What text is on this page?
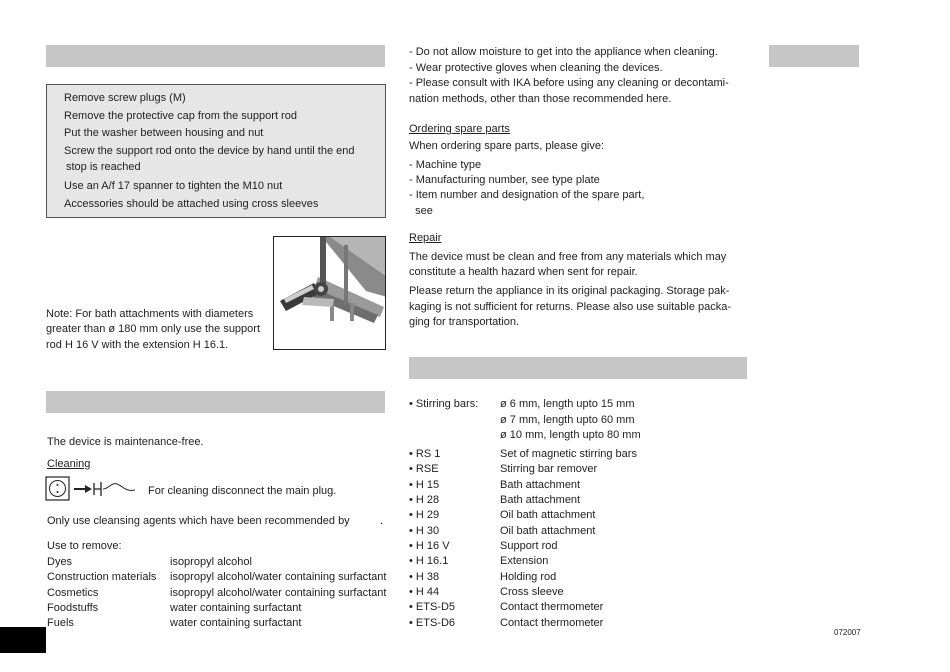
Remove screw plugs (M)
Remove the protective cap from the support rod
Put the washer between housing and nut
Screw the support rod onto the device by hand until the end
stop is reached
Use an A/f 17 spanner to tighten the M10 nut
Accessories should be attached using cross sleeves
Note: For bath attachments with diameters
greater than ø 180 mm only use the support
rod H 16 V with the extension H 16.1.
The device is maintenance-free.
Cleaning
For cleaning disconnect the main plug.
Only use cleansing agents which have been recommended by	.
Use to remove:
Dyes	isopropyl alcohol
Construction materials isopropyl alcohol/water containing surfactant
Cosmetics	isopropyl alcohol/water containing surfactant
Foodstuffs	water containing surfactant
Fuels	water containing surfactant
- Do not allow moisture to get into the appliance when cleaning.
- Wear protective gloves when cleaning the devices.
- Please consult with IKA before using any cleaning or decontami-
nation methods, other than those recommended here.
Ordering spare parts
When ordering spare parts, please give:
- Machine type
- Manufacturing number, see type plate
- Item number and designation of the spare part,
see
Repair
The device must be clean and free from any materials which may
constitute a health hazard when sent for repair.
Please return the appliance in its original packaging. Storage pak-
kaging is not sufficient for returns. Please also use suitable packa-
ging for transportation.
• Stirring bars: ø 6 mm, length upto 15 mm
ø 7 mm, length upto 60 mm
ø 10 mm, length upto 80 mm
• RS 1	Set of magnetic stirring bars
• RSE	Stirring bar remover
• H 15	Bath attachment
• H 28	Bath attachment
• H 29	Oil bath attachment
• H 30	Oil bath attachment
• H 16 V	Support rod
• H 16.1	Extension
• H 38	Holding rod
• H 44	Cross sleeve
• ETS-D5	Contact thermometer
• ETS-D6	Contact thermometer
072007
